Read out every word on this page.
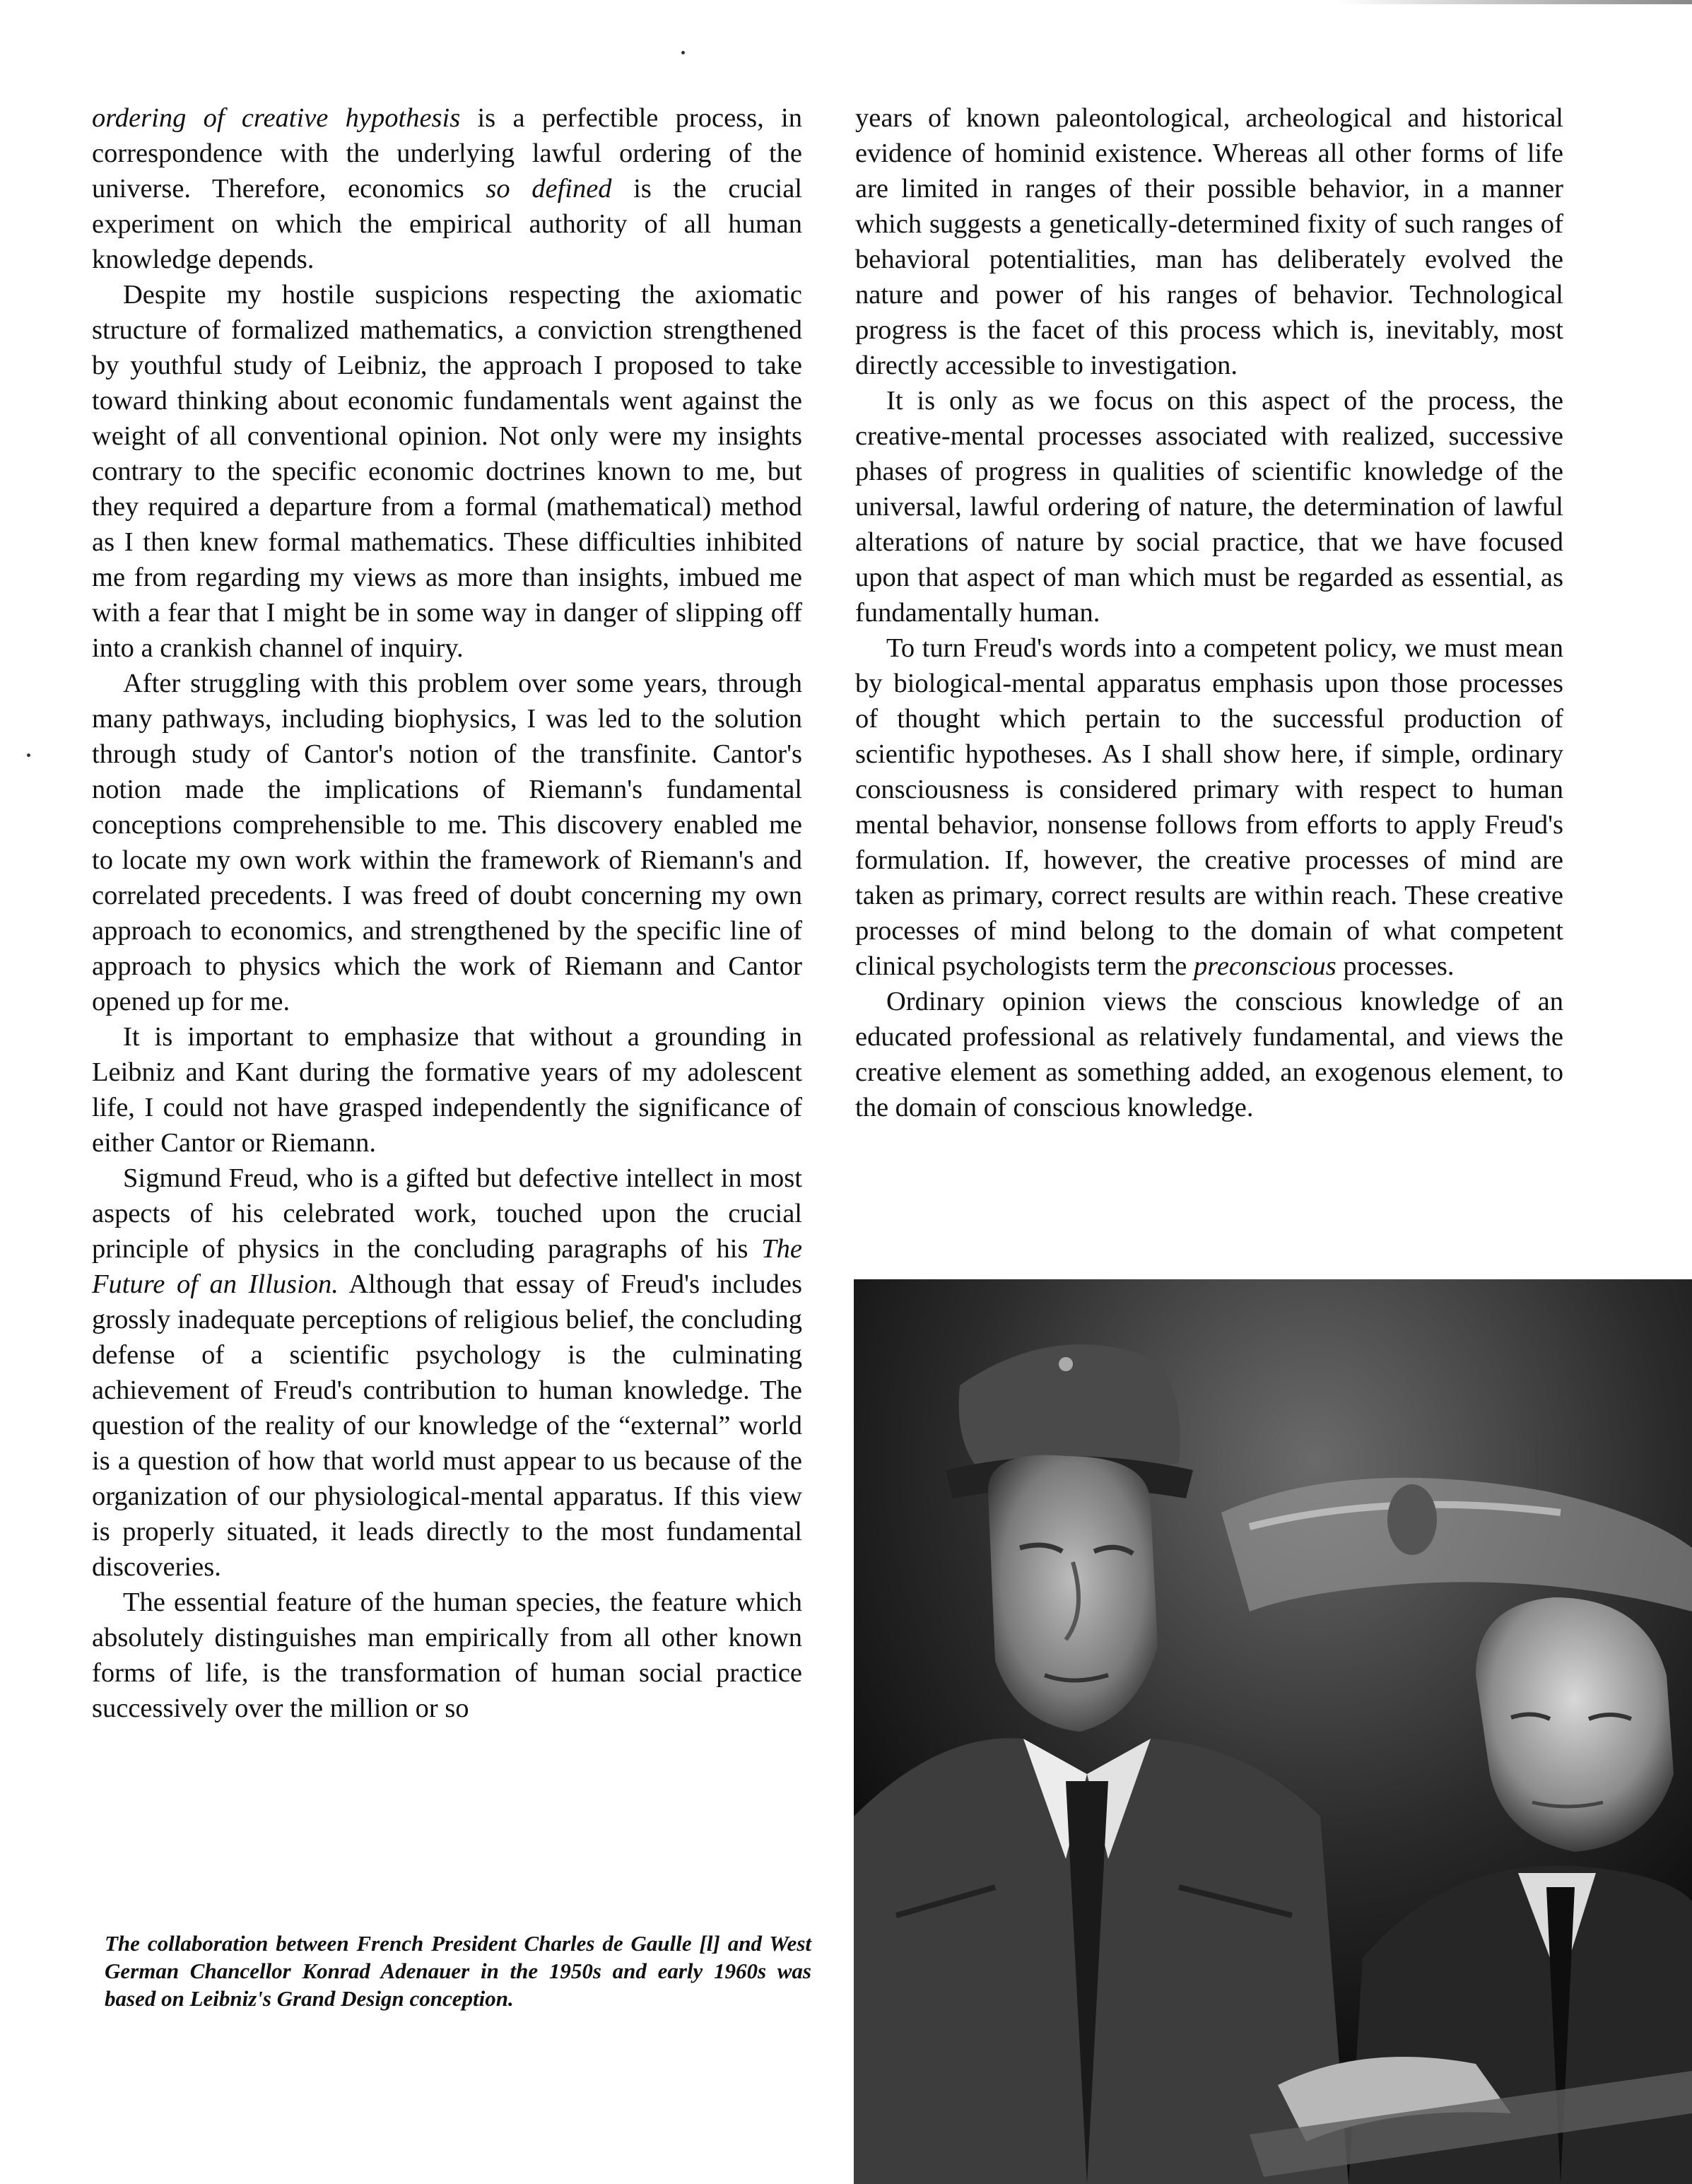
ordering of creative hypothesis is a perfectible process, in correspondence with the underlying lawful ordering of the universe. Therefore, economics so defined is the crucial experiment on which the empirical authority of all human knowledge depends.

Despite my hostile suspicions respecting the axiomatic structure of formalized mathematics, a conviction strengthened by youthful study of Leibniz, the approach I proposed to take toward thinking about economic fundamentals went against the weight of all conventional opinion. Not only were my insights contrary to the specific economic doctrines known to me, but they required a departure from a formal (mathematical) method as I then knew formal mathematics. These difficulties inhibited me from regarding my views as more than insights, imbued me with a fear that I might be in some way in danger of slipping off into a crankish channel of inquiry.

After struggling with this problem over some years, through many pathways, including biophysics, I was led to the solution through study of Cantor's notion of the transfinite. Cantor's notion made the implications of Riemann's fundamental conceptions comprehensible to me. This discovery enabled me to locate my own work within the framework of Riemann's and correlated precedents. I was freed of doubt concerning my own approach to economics, and strengthened by the specific line of approach to physics which the work of Riemann and Cantor opened up for me.

It is important to emphasize that without a grounding in Leibniz and Kant during the formative years of my adolescent life, I could not have grasped independently the significance of either Cantor or Riemann.

Sigmund Freud, who is a gifted but defective intellect in most aspects of his celebrated work, touched upon the crucial principle of physics in the concluding paragraphs of his The Future of an Illusion. Although that essay of Freud's includes grossly inadequate perceptions of religious belief, the concluding defense of a scientific psychology is the culminating achievement of Freud's contribution to human knowledge. The question of the reality of our knowledge of the “external” world is a question of how that world must appear to us because of the organization of our physiological-mental apparatus. If this view is properly situated, it leads directly to the most fundamental discoveries.

The essential feature of the human species, the feature which absolutely distinguishes man empirically from all other known forms of life, is the transformation of human social practice successively over the million or so

years of known paleontological, archeological and historical evidence of hominid existence. Whereas all other forms of life are limited in ranges of their possible behavior, in a manner which suggests a genetically-determined fixity of such ranges of behavioral potentialities, man has deliberately evolved the nature and power of his ranges of behavior. Technological progress is the facet of this process which is, inevitably, most directly accessible to investigation.

It is only as we focus on this aspect of the process, the creative-mental processes associated with realized, successive phases of progress in qualities of scientific knowledge of the universal, lawful ordering of nature, the determination of lawful alterations of nature by social practice, that we have focused upon that aspect of man which must be regarded as essential, as fundamentally human.

To turn Freud's words into a competent policy, we must mean by biological-mental apparatus emphasis upon those processes of thought which pertain to the successful production of scientific hypotheses. As I shall show here, if simple, ordinary consciousness is considered primary with respect to human mental behavior, nonsense follows from efforts to apply Freud's formulation. If, however, the creative processes of mind are taken as primary, correct results are within reach. These creative processes of mind belong to the domain of what competent clinical psychologists term the preconscious processes.

Ordinary opinion views the conscious knowledge of an educated professional as relatively fundamental, and views the creative element as something added, an exogenous element, to the domain of conscious knowledge.

The collaboration between French President Charles de Gaulle [l] and West German Chancellor Konrad Adenauer in the 1950s and early 1960s was based on Leibniz's Grand Design conception.
